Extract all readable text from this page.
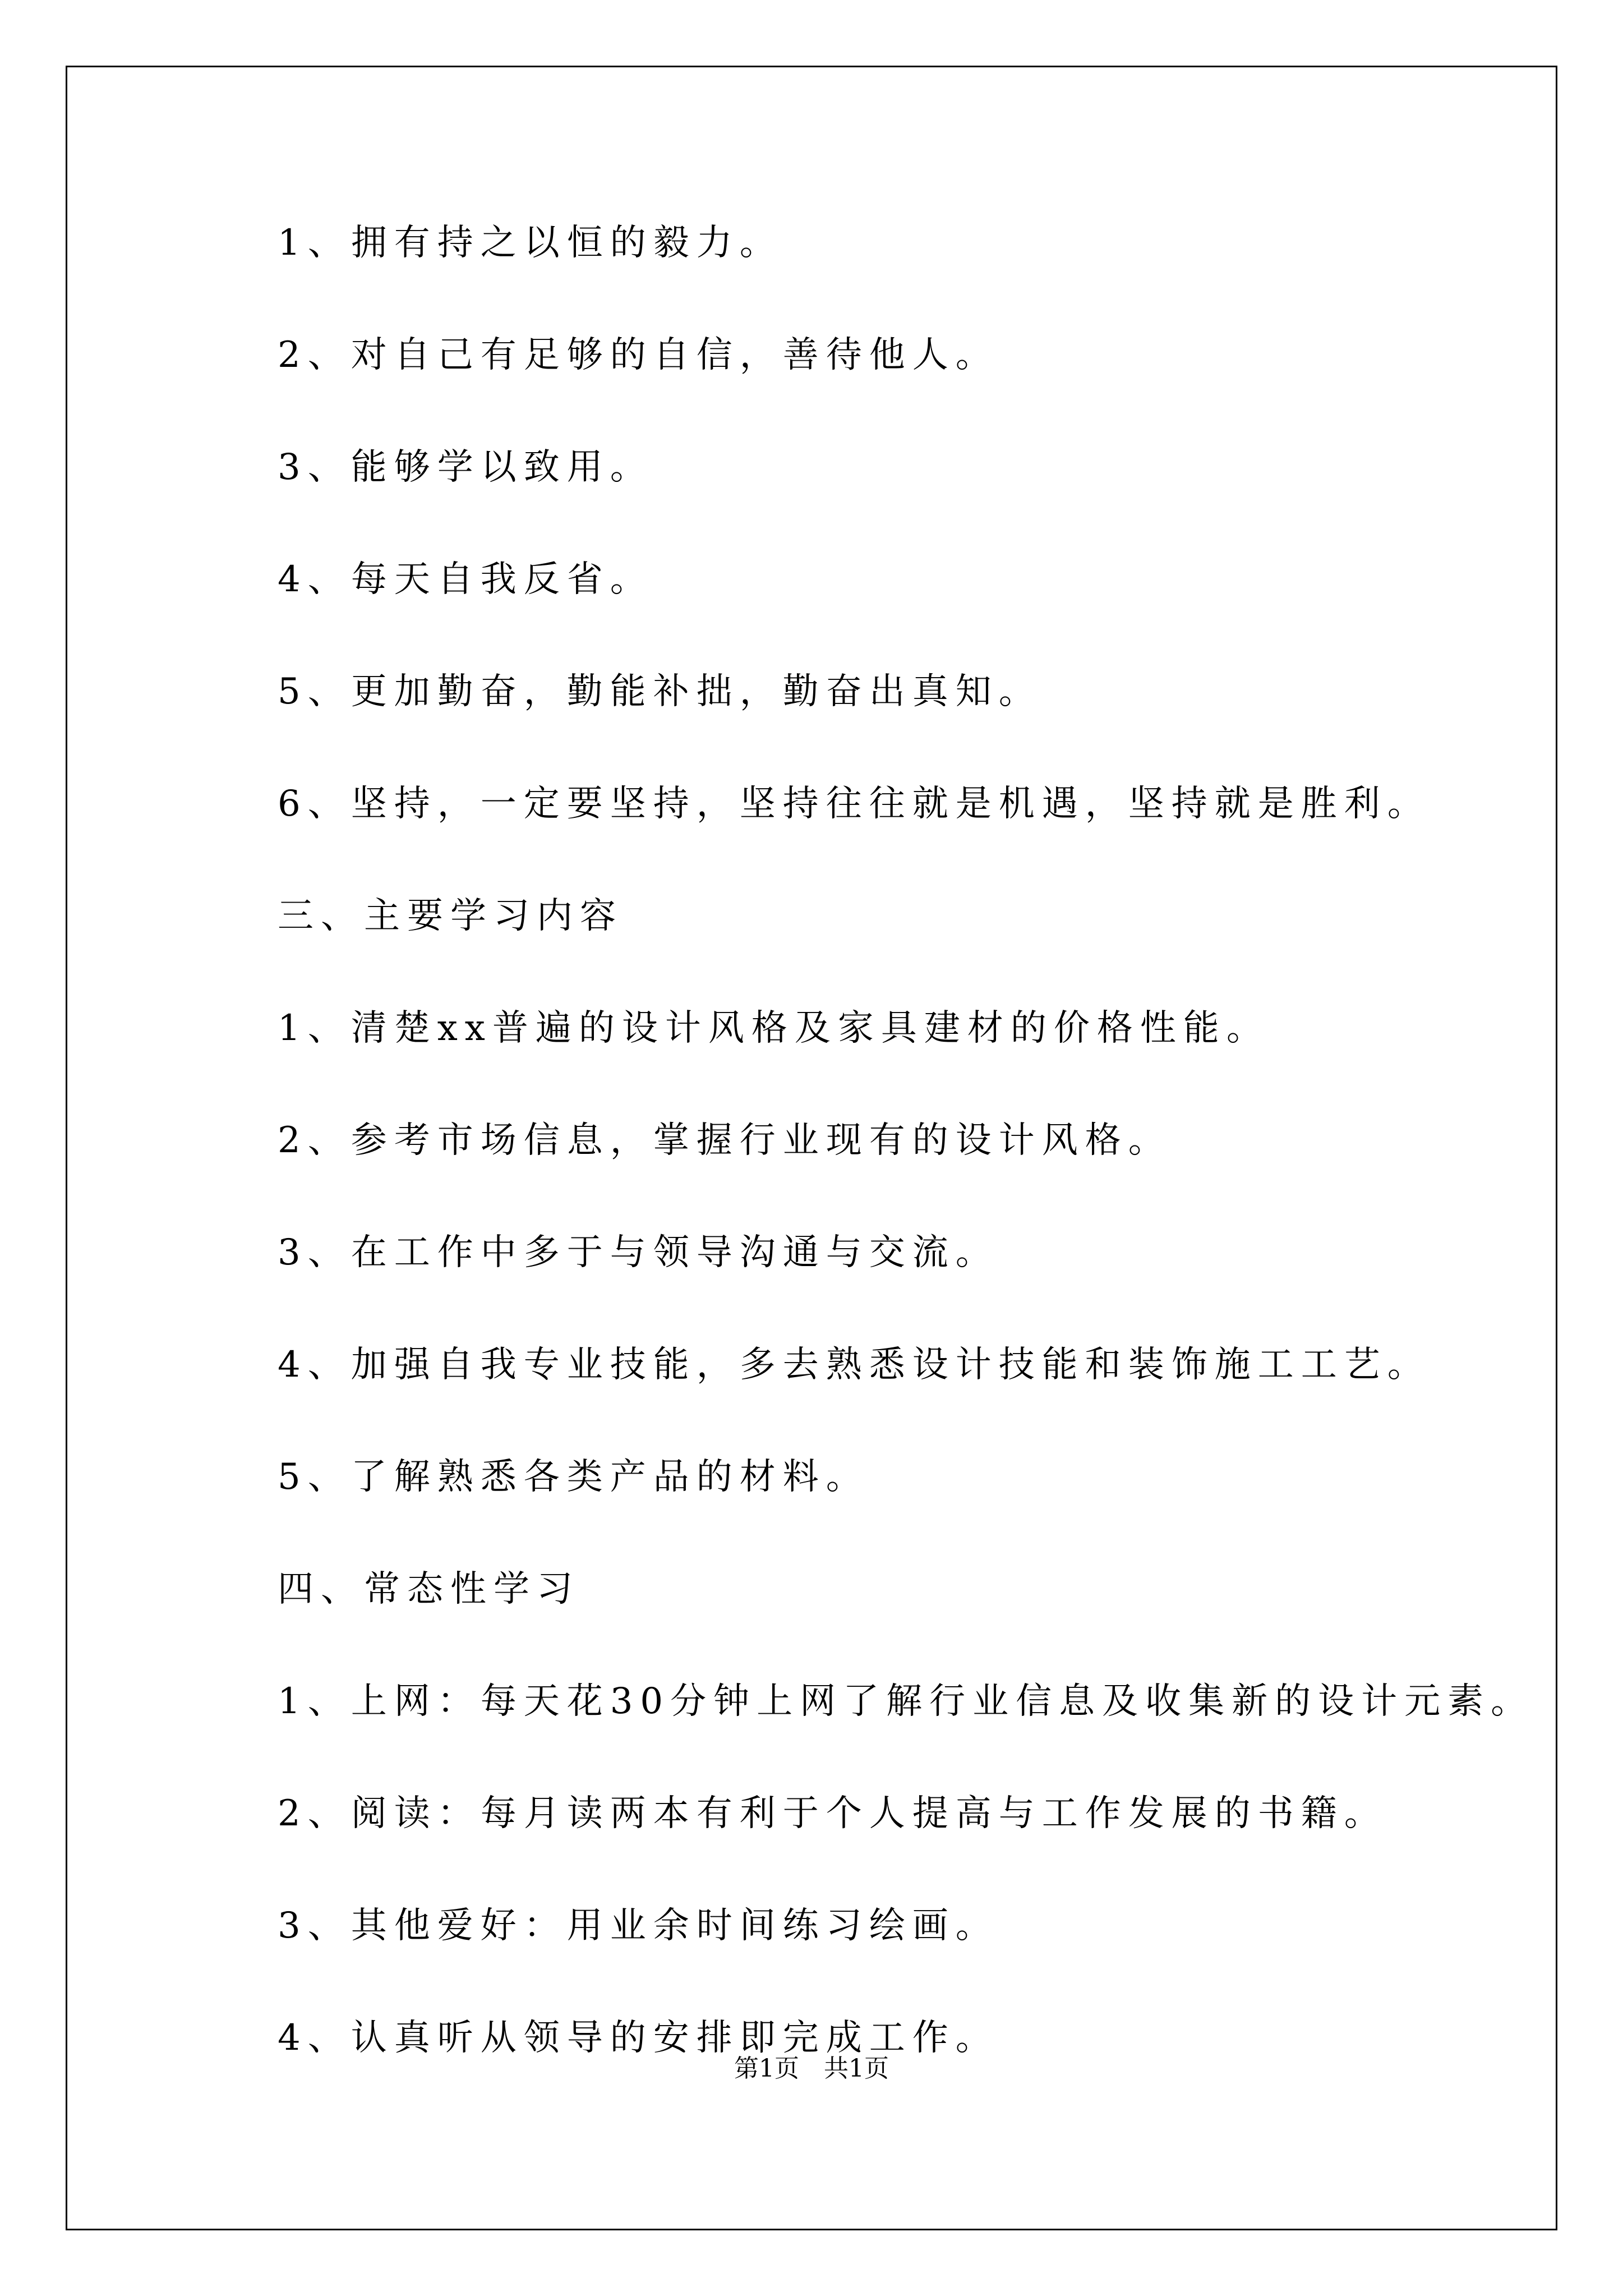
1、拥有持之以恒的毅力。
2、对自己有足够的自信，善待他人。
3、能够学以致用。
4、每天自我反省。
5、更加勤奋，勤能补拙，勤奋出真知。
6、坚持，一定要坚持，坚持往往就是机遇，坚持就是胜利。
三、主要学习内容
1、清楚xx普遍的设计风格及家具建材的价格性能。
2、参考市场信息，掌握行业现有的设计风格。
3、在工作中多于与领导沟通与交流。
4、加强自我专业技能，多去熟悉设计技能和装饰施工工艺。
5、了解熟悉各类产品的材料。
四、常态性学习
1、上网：每天花30分钟上网了解行业信息及收集新的设计元素。
2、阅读：每月读两本有利于个人提高与工作发展的书籍。
3、其他爱好：用业余时间练习绘画。
4、认真听从领导的安排即完成工作。
第1页　共1页
